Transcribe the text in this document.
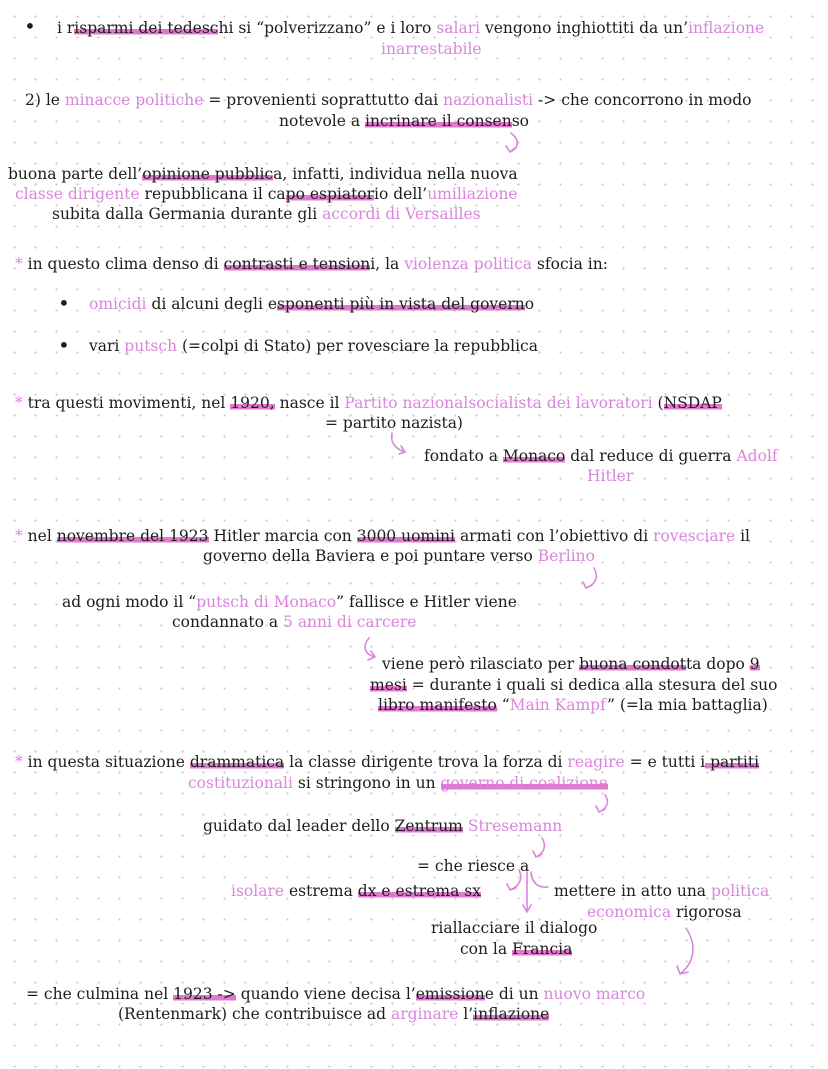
• i risparmi dei tedeschi si “polverizzano” e i loro salari vengono inghiottiti da un’inflazione
inarrestabile
2) le minacce politiche = provenienti soprattutto dai nazionalisti -> che concorrono in modo
notevole a incrinare il consenso
buona parte dell’opinione pubblica, infatti, individua nella nuova
classe dirigente repubblicana il capo espiatorio dell’umiliazione
subita dalla Germania durante gli accordi di Versailles
* in questo clima denso di contrasti e tensioni, la violenza politica sfocia in:
• omicidi di alcuni degli esponenti più in vista del governo
• vari putsch (=colpi di Stato) per rovesciare la repubblica
* tra questi movimenti, nel 1920, nasce il Partito nazionalsocialista dei lavoratori (NSDAP
= partito nazista)
fondato a Monaco dal reduce di guerra Adolf
Hitler
* nel novembre del 1923 Hitler marcia con 3000 uomini armati con l’obiettivo di rovesciare il
governo della Baviera e poi puntare verso Berlino
ad ogni modo il “putsch di Monaco” fallisce e Hitler viene
condannato a 5 anni di carcere
viene però rilasciato per buona condotta dopo 9
mesi = durante i quali si dedica alla stesura del suo
libro manifesto “Main Kampf” (=la mia battaglia)
* in questa situazione drammatica la classe dirigente trova la forza di reagire = e tutti i partiti
costituzionali si stringono in un governo di coalizione
guidato dal leader dello Zentrum Stresemann
= che riesce a
isolare estrema dx e estrema sx	mettere in atto una politica
economica rigorosa
riallacciare il dialogo
con la Francia
= che culmina nel 1923 -> quando viene decisa l’emissione di un nuovo marco
(Rentenmark) che contribuisce ad arginare l’inflazione
